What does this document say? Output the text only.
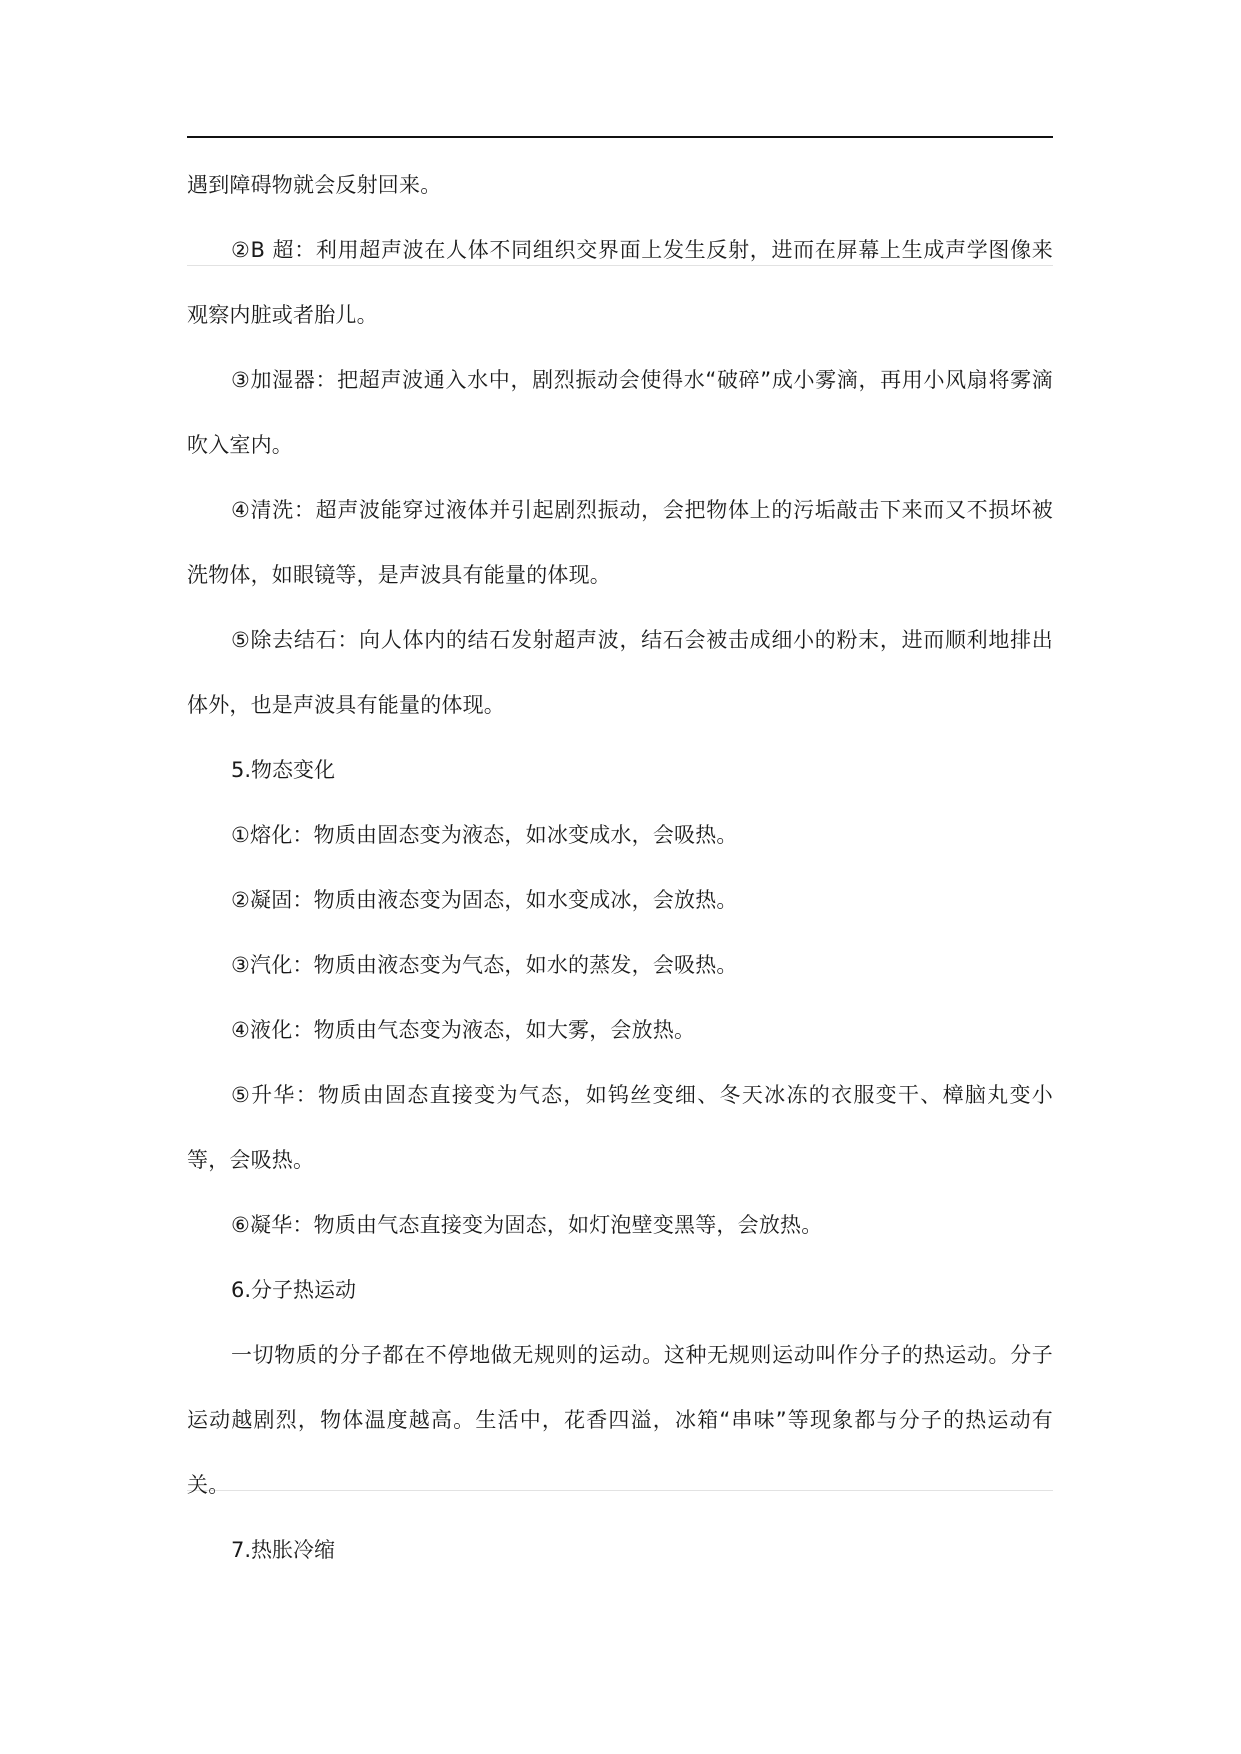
遇到障碍物就会反射回来。

②B 超：利用超声波在人体不同组织交界面上发生反射，进而在屏幕上生成声学图像来观察内脏或者胎儿。

③加湿器：把超声波通入水中，剧烈振动会使得水“破碎”成小雾滴，再用小风扇将雾滴吹入室内。

④清洗：超声波能穿过液体并引起剧烈振动，会把物体上的污垢敲击下来而又不损坏被洗物体，如眼镜等，是声波具有能量的体现。

⑤除去结石：向人体内的结石发射超声波，结石会被击成细小的粉末，进而顺利地排出体外，也是声波具有能量的体现。

5.物态变化

①熔化：物质由固态变为液态，如冰变成水，会吸热。

②凝固：物质由液态变为固态，如水变成冰，会放热。

③汽化：物质由液态变为气态，如水的蒸发，会吸热。

④液化：物质由气态变为液态，如大雾，会放热。

⑤升华：物质由固态直接变为气态，如钨丝变细、冬天冰冻的衣服变干、樟脑丸变小等，会吸热。

⑥凝华：物质由气态直接变为固态，如灯泡壁变黑等，会放热。

6.分子热运动

一切物质的分子都在不停地做无规则的运动。这种无规则运动叫作分子的热运动。分子运动越剧烈，物体温度越高。生活中，花香四溢，冰箱“串味”等现象都与分子的热运动有关。

7.热胀冷缩
